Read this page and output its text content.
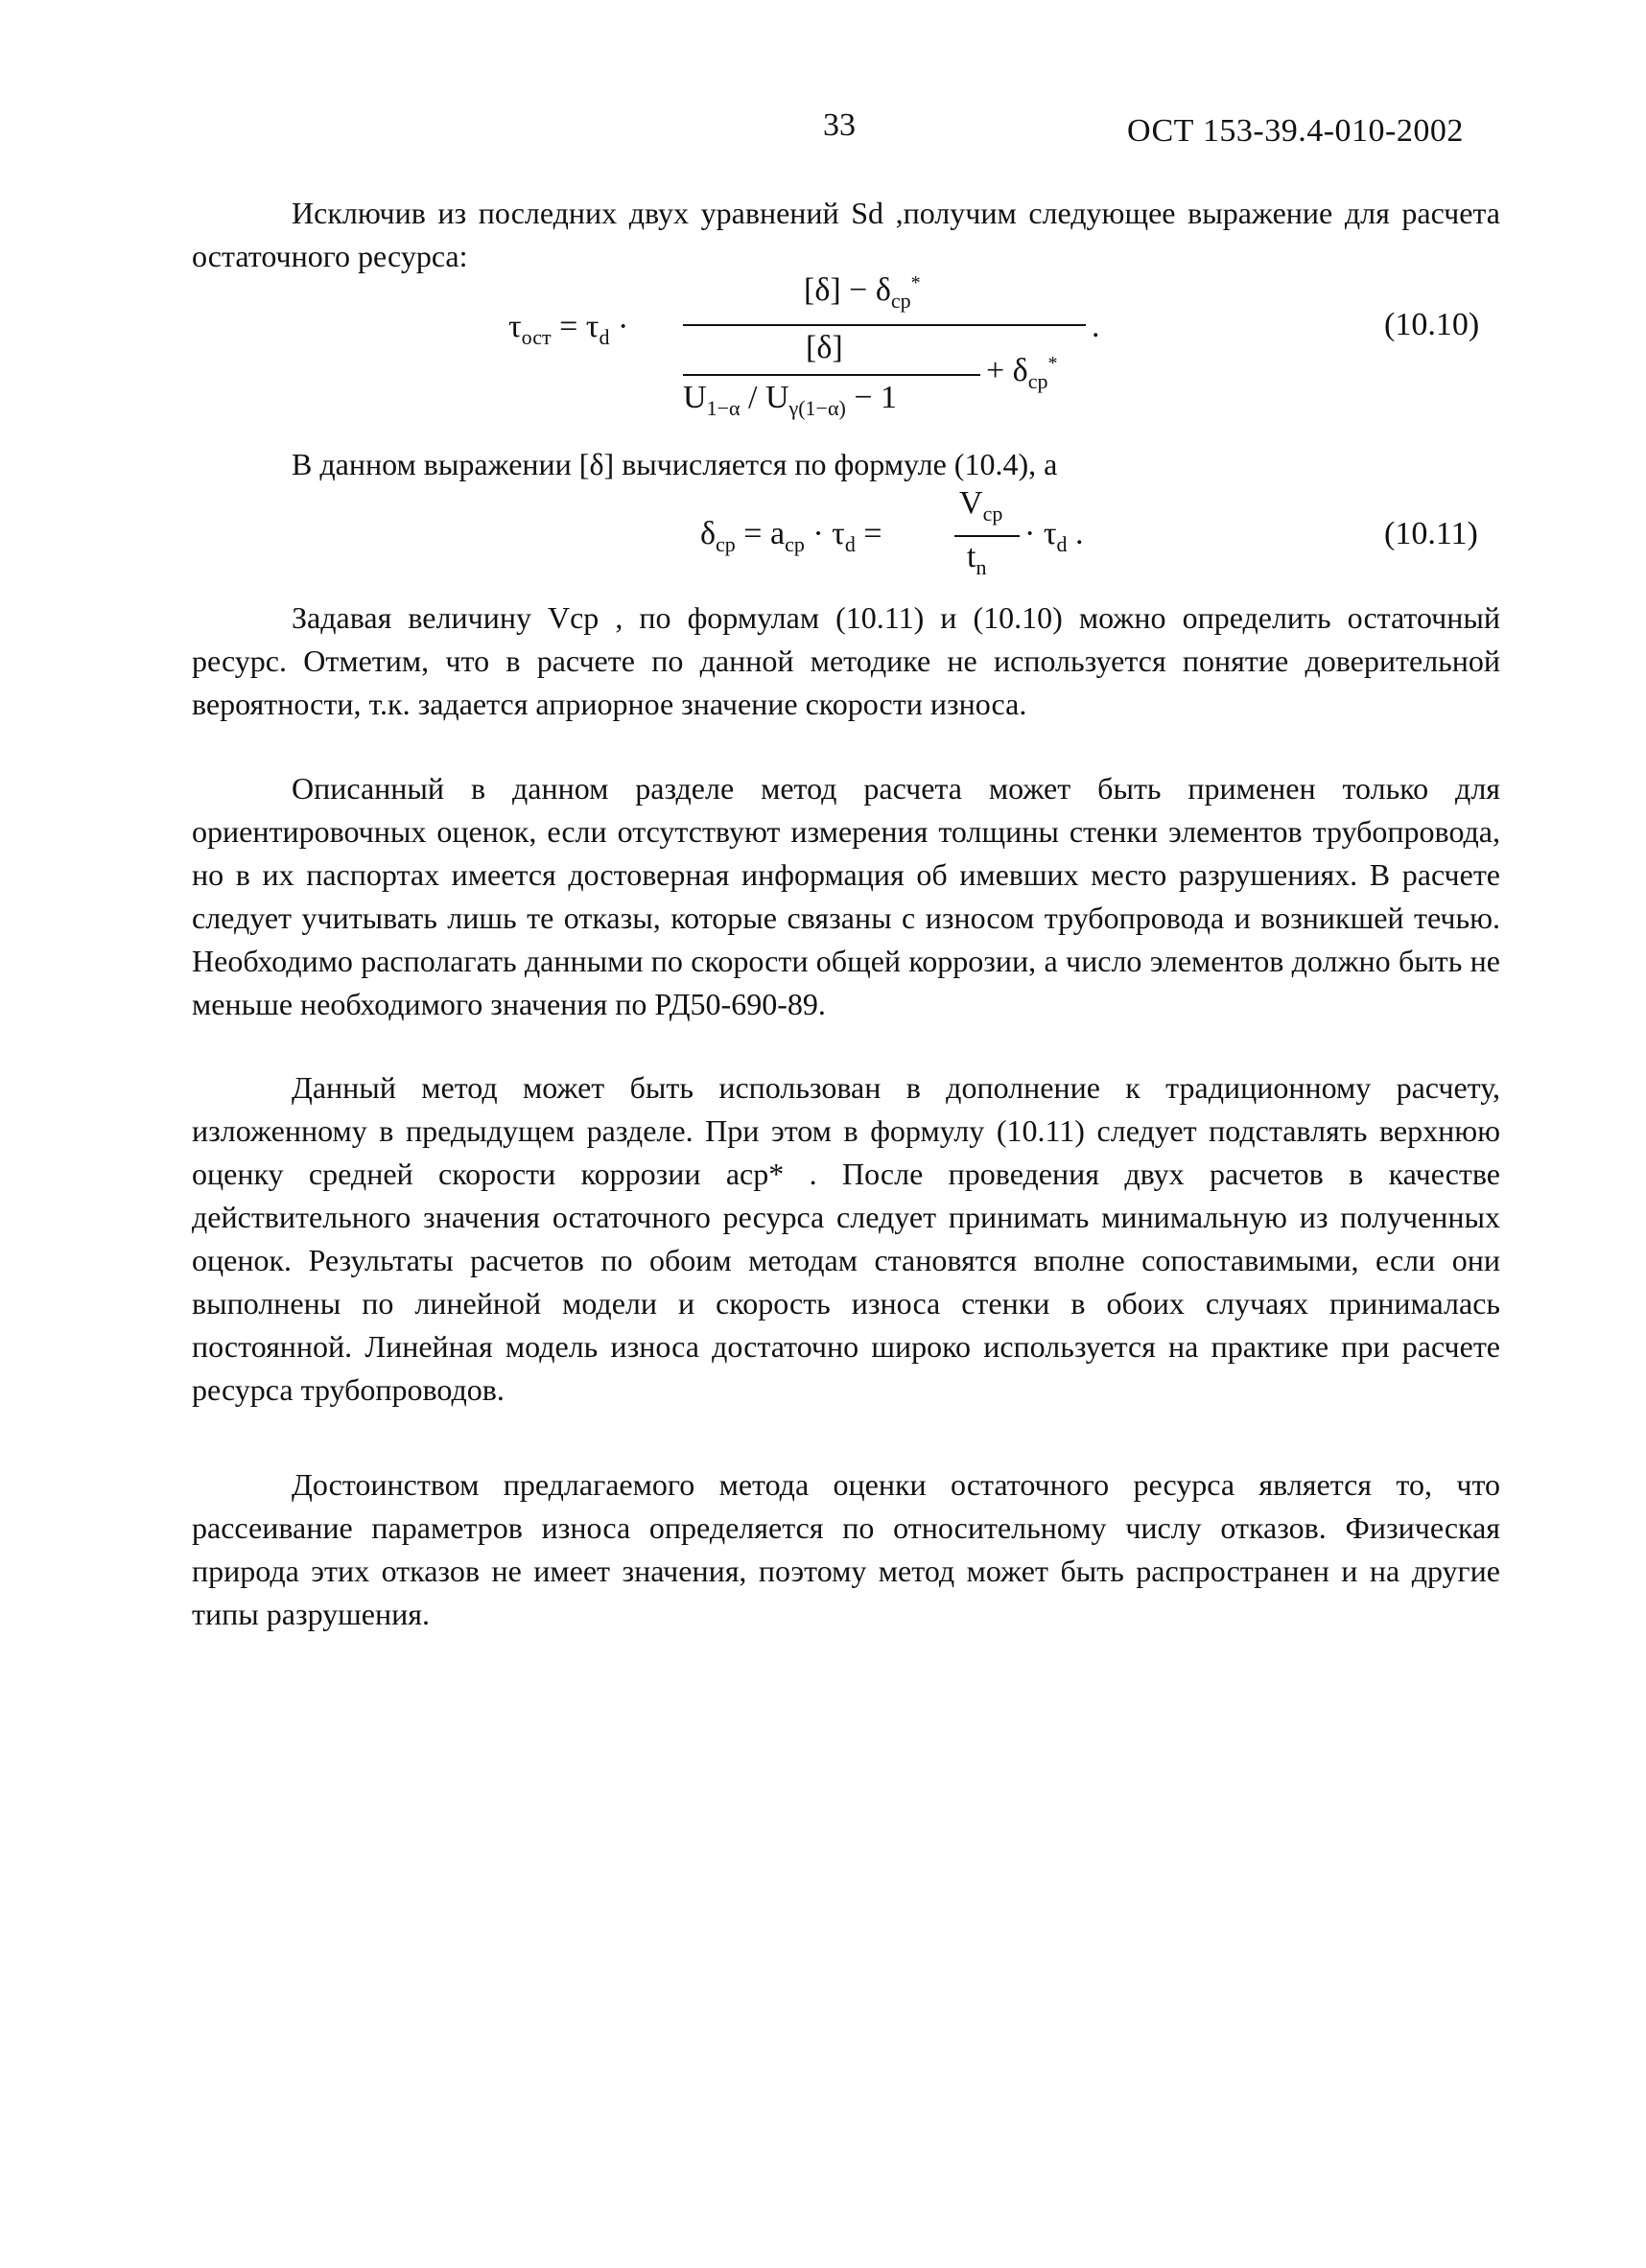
33	ОСТ 153-39.4-010-2002

Исключив из последних двух уравнений Sd ,получим следующее выражение для расчета остаточного ресурса:

$\tau_{ост} = \tau_d$ ·
$[\delta] - \delta_{ср}^*$
[δ]
$U_{1-\alpha} / U_{\gamma(1-\alpha)} - 1$
+ $\delta_{ср}^*$
.	(10.10)

В данном выражении [δ] вычисляется по формуле (10.4), а

$\delta_{ср} = a_{ср} \cdot \tau_d$ =
$V_{ср}$
$t_n$
· $\tau_d$ .	(10.11)

Задавая величину Vср , по формулам (10.11) и (10.10) можно определить остаточный ресурс. Отметим, что в расчете по данной методике не используется понятие доверительной вероятности, т.к. задается априорное значение скорости износа.

Описанный в данном разделе метод расчета может быть применен только для ориентировочных оценок, если отсутствуют измерения толщины стенки элементов трубопровода, но в их паспортах имеется достоверная информация об имевших место разрушениях. В расчете следует учитывать лишь те отказы, которые связаны с износом трубопровода и возникшей течью. Необходимо располагать данными по скорости общей коррозии, а число элементов должно быть не меньше необходимого значения по РД50-690-89.

Данный метод может быть использован в дополнение к традиционному расчету, изложенному в предыдущем разделе. При этом в формулу (10.11) следует подставлять верхнюю оценку средней скорости коррозии aср* . После проведения двух расчетов в качестве действительного значения остаточного ресурса следует принимать минимальную из полученных оценок. Результаты расчетов по обоим методам становятся вполне сопоставимыми, если они выполнены по линейной модели и скорость износа стенки в обоих случаях принималась постоянной. Линейная модель износа достаточно широко используется на практике при расчете ресурса трубопроводов.

Достоинством предлагаемого метода оценки остаточного ресурса является то, что рассеивание параметров износа определяется по относительному числу отказов. Физическая природа этих отказов не имеет значения, поэтому метод может быть распространен и на другие типы разрушения.
